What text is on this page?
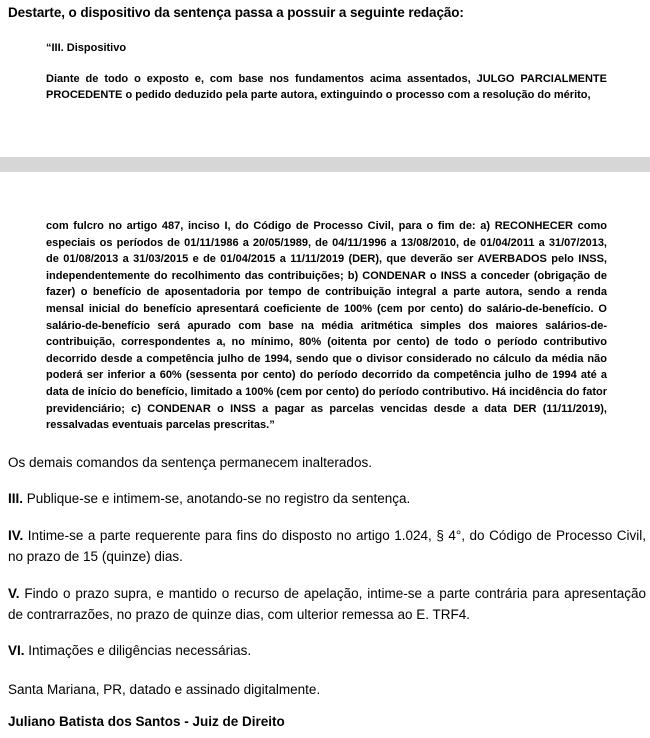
Destarte, o dispositivo da sentença passa a possuir a seguinte redação:
“III. Dispositivo
Diante de todo o exposto e, com base nos fundamentos acima assentados, JULGO PARCIALMENTE PROCEDENTE o pedido deduzido pela parte autora, extinguindo o processo com a resolução do mérito,
com fulcro no artigo 487, inciso I, do Código de Processo Civil, para o fim de: a) RECONHECER como especiais os períodos de 01/11/1986 a 20/05/1989, de 04/11/1996 a 13/08/2010, de 01/04/2011 a 31/07/2013, de 01/08/2013 a 31/03/2015 e de 01/04/2015 a 11/11/2019 (DER), que deverão ser AVERBADOS pelo INSS, independentemente do recolhimento das contribuições; b) CONDENAR o INSS a conceder (obrigação de fazer) o benefício de aposentadoria por tempo de contribuição integral a parte autora, sendo a renda mensal inicial do benefício apresentará coeficiente de 100% (cem por cento) do salário-de-benefício. O salário-de-benefício será apurado com base na média aritmética simples dos maiores salários-de-contribuição, correspondentes a, no mínimo, 80% (oitenta por cento) de todo o período contributivo decorrido desde a competência julho de 1994, sendo que o divisor considerado no cálculo da média não poderá ser inferior a 60% (sessenta por cento) do período decorrido da competência julho de 1994 até a data de início do benefício, limitado a 100% (cem por cento) do período contributivo. Há incidência do fator previdenciário; c) CONDENAR o INSS a pagar as parcelas vencidas desde a data DER (11/11/2019), ressalvadas eventuais parcelas prescritas.”
Os demais comandos da sentença permanecem inalterados.
III. Publique-se e intimem-se, anotando-se no registro da sentença.
IV. Intime-se a parte requerente para fins do disposto no artigo 1.024, § 4°, do Código de Processo Civil, no prazo de 15 (quinze) dias.
V. Findo o prazo supra, e mantido o recurso de apelação, intime-se a parte contrária para apresentação de contrarrazões, no prazo de quinze dias, com ulterior remessa ao E. TRF4.
VI. Intimações e diligências necessárias.
Santa Mariana, PR, datado e assinado digitalmente.
Juliano Batista dos Santos - Juiz de Direito
